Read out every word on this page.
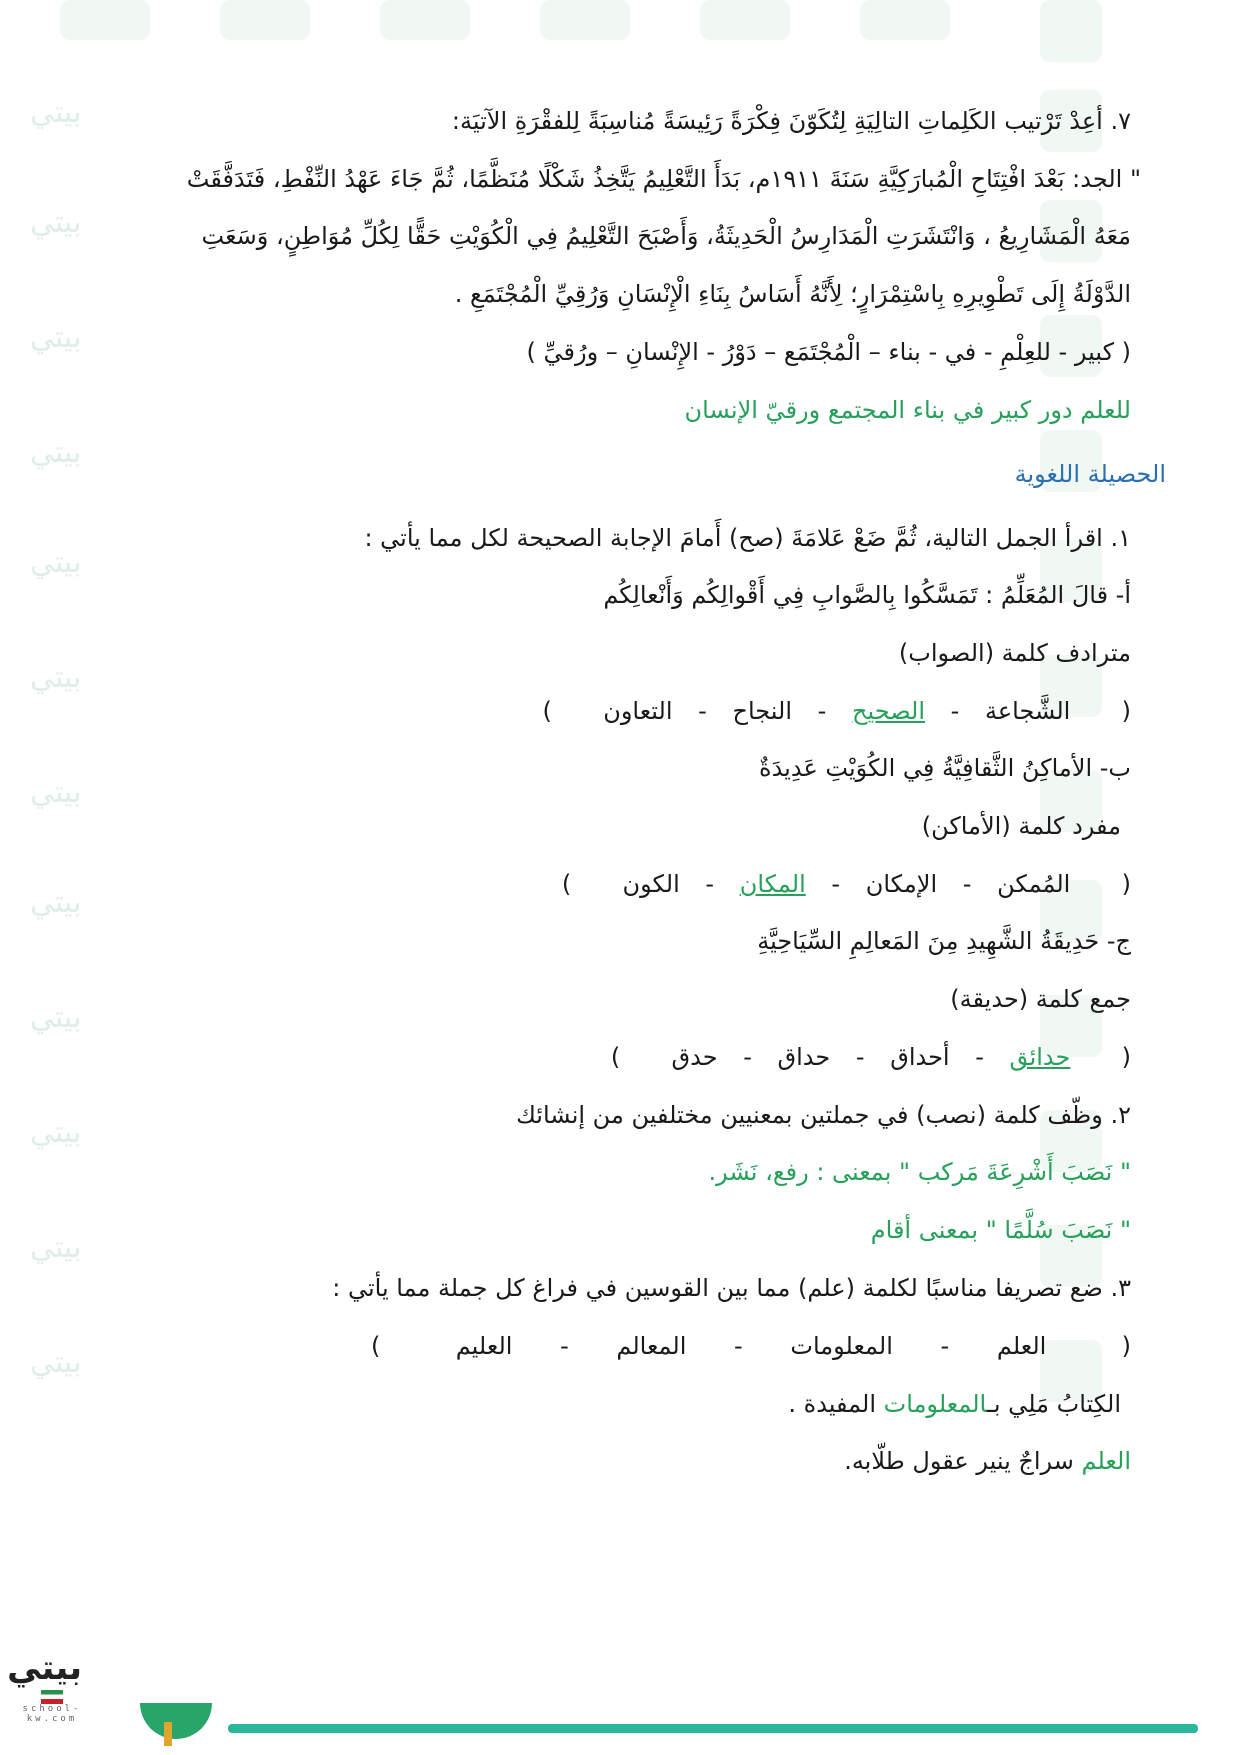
بيتي
بيتي
بيتي
بيتي
بيتي
بيتي
بيتي
بيتي
بيتي
بيتي
بيتي
بيتي
٧. أعِدْ تَرْتيب الكَلِماتِ التالِيَةِ لِتُكَوّنَ فِكْرَةً رَئِيسَةً مُناسِبَةً لِلفقْرَةِ الآتيَة:
" الجد: بَعْدَ افْتِتَاحِ الْمُبارَكِيَّةِ سَنَةَ ١٩١١م، بَدَأَ التَّعْلِيمُ يَتَّخِذُ شَكْلًا مُنَظَّمًا، ثُمَّ جَاءَ عَهْدُ النِّفْطِ، فَتَدَفَّقَتْ
مَعَهُ الْمَشَارِيعُ ، وَانْتَشَرَتِ الْمَدَارِسُ الْحَدِيثَةُ، وَأَصْبَحَ التَّعْلِيمُ فِي الْكُوَيْتِ حَقًّا لِكُلِّ مُوَاطِنٍ، وَسَعَتِ
الدَّوْلَةُ إِلَى تَطْوِيرِهِ بِاسْتِمْرَارٍ؛ لِأَنَّهُ أَسَاسُ بِنَاءِ الْإِنْسَانِ وَرُقِيِّ الْمُجْتَمَعِ .
( كبير - للعِلْمِ - في - بناء – الْمُجْتَمَع – دَوْرُ - الإِنْسانِ – ورُقيِّ )
للعلم دور كبير في بناء المجتمع ورقيّ الإنسان
الحصيلة اللغوية
١. اقرأ الجمل التالية، ثُمَّ ضَعْ عَلامَةَ (صح) أَمامَ الإجابة الصحيحة لكل مما يأتي :
أ- قالَ المُعَلِّمُ : تَمَسَّكُوا بِالصَّوابِ فِي أَقْوالِكُم وَأَنْعالِكُم
مترادف كلمة (الصواب)
(  الشَّجاعة - الصحيح - النجاح - التعاون  )
ب- الأماكِنُ الثَّقافِيَّةُ فِي الكُوَيْتِ عَدِيدَةٌ
مفرد كلمة (الأماكن)
(  المُمكن - الإمكان - المكان - الكون  )
ج- حَدِيقَةُ الشَّهِيدِ مِنَ المَعالِمِ السِّيَاحِيَّةِ
جمع كلمة (حديقة)
(  حدائق - أحداق - حداق - حدق  )
٢. وظّف كلمة (نصب) في جملتين بمعنيين مختلفين من إنشائك
" نَصَبَ أَشْرِعَةَ مَركب " بمعنى : رفع، نَشَر.
" نَصَبَ سُلَّمًا " بمعنى أقام
٣. ضع تصريفا مناسبًا لكلمة (علم) مما بين القوسين في فراغ كل جملة مما يأتي :
(  العلم - المعلومات - المعالم - العليم  )
الكِتابُ مَلِي بـالمعلومات المفيدة .
العلم سراجٌ ينير عقول طلّابه.
بيتي
school-kw.com
